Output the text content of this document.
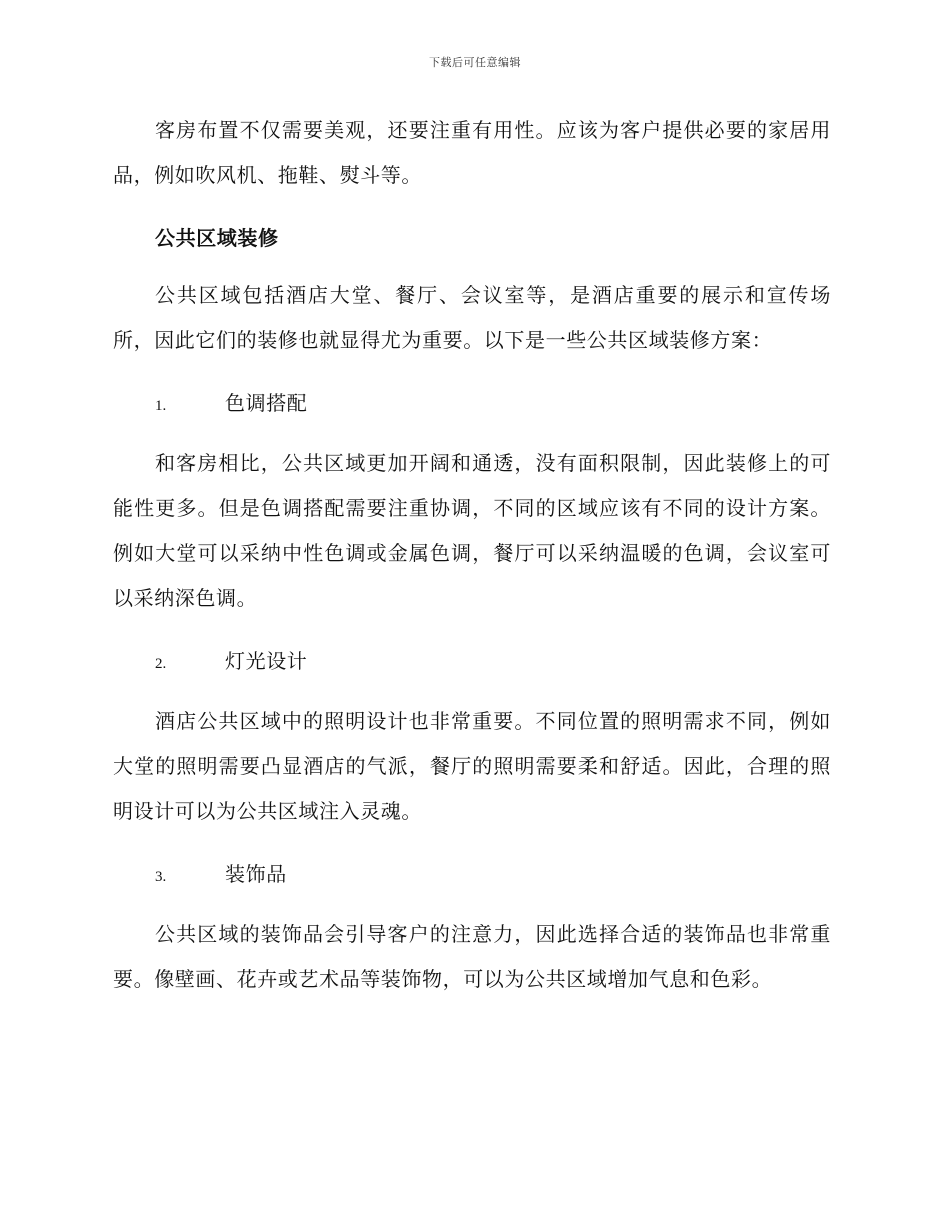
下载后可任意编辑

客房布置不仅需要美观，还要注重有用性。应该为客户提供必要的家居用品，例如吹风机、拖鞋、熨斗等。

公共区域装修

公共区域包括酒店大堂、餐厅、会议室等，是酒店重要的展示和宣传场所，因此它们的装修也就显得尤为重要。以下是一些公共区域装修方案：

1.	色调搭配

和客房相比，公共区域更加开阔和通透，没有面积限制，因此装修上的可能性更多。但是色调搭配需要注重协调，不同的区域应该有不同的设计方案。例如大堂可以采纳中性色调或金属色调，餐厅可以采纳温暖的色调，会议室可以采纳深色调。

2.	灯光设计

酒店公共区域中的照明设计也非常重要。不同位置的照明需求不同，例如大堂的照明需要凸显酒店的气派，餐厅的照明需要柔和舒适。因此，合理的照明设计可以为公共区域注入灵魂。

3.	装饰品

公共区域的装饰品会引导客户的注意力，因此选择合适的装饰品也非常重要。像壁画、花卉或艺术品等装饰物，可以为公共区域增加气息和色彩。
